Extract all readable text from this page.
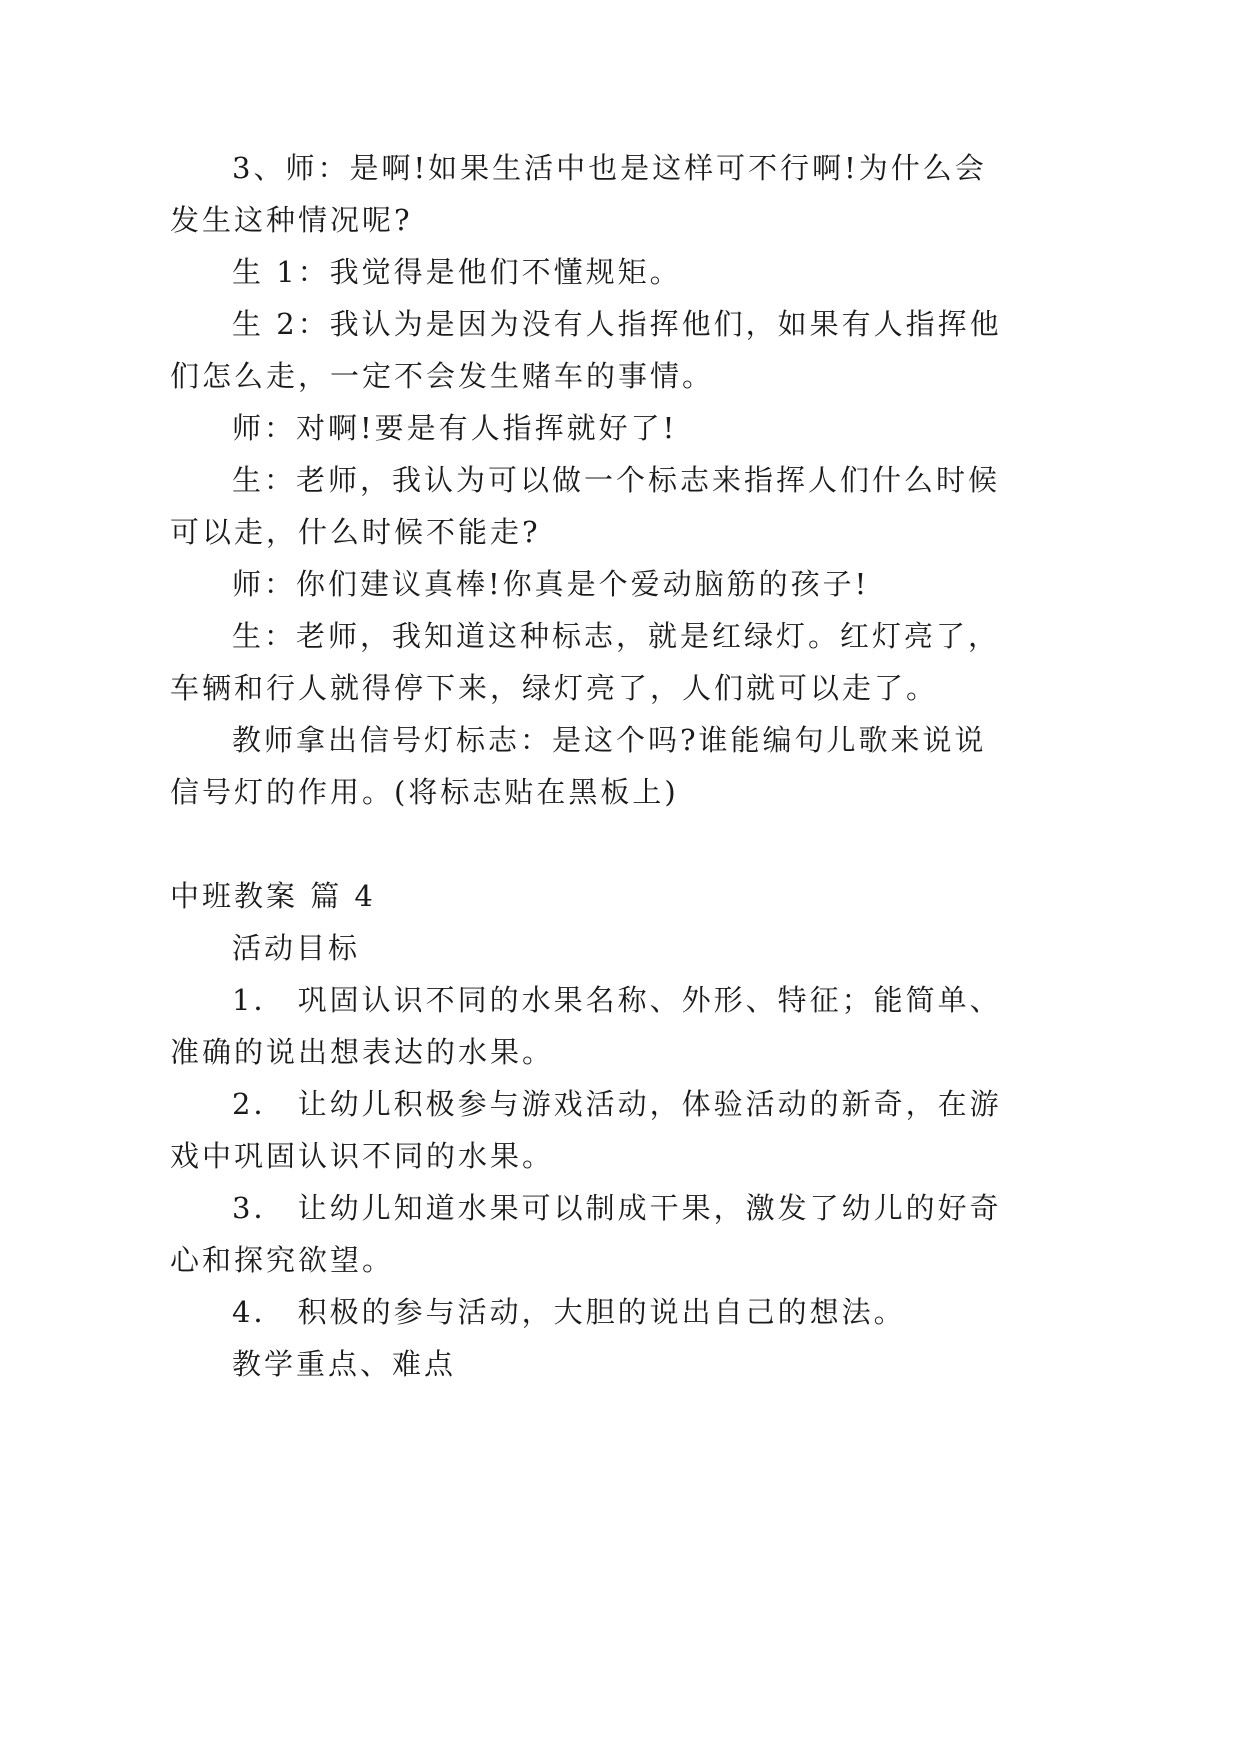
3、师：是啊!如果生活中也是这样可不行啊!为什么会
发生这种情况呢?
生 1：我觉得是他们不懂规矩。
生 2：我认为是因为没有人指挥他们，如果有人指挥他
们怎么走，一定不会发生赌车的事情。
师：对啊!要是有人指挥就好了!
生：老师，我认为可以做一个标志来指挥人们什么时候
可以走，什么时候不能走?
师：你们建议真棒!你真是个爱动脑筋的孩子!
生：老师，我知道这种标志，就是红绿灯。红灯亮了，
车辆和行人就得停下来，绿灯亮了，人们就可以走了。
教师拿出信号灯标志：是这个吗?谁能编句儿歌来说说
信号灯的作用。(将标志贴在黑板上)
中班教案 篇 4
活动目标
1． 巩固认识不同的水果名称、外形、特征；能简单、
准确的说出想表达的水果。
2． 让幼儿积极参与游戏活动，体验活动的新奇，在游
戏中巩固认识不同的水果。
3． 让幼儿知道水果可以制成干果，激发了幼儿的好奇
心和探究欲望。
4． 积极的参与活动，大胆的说出自己的想法。
教学重点、难点
